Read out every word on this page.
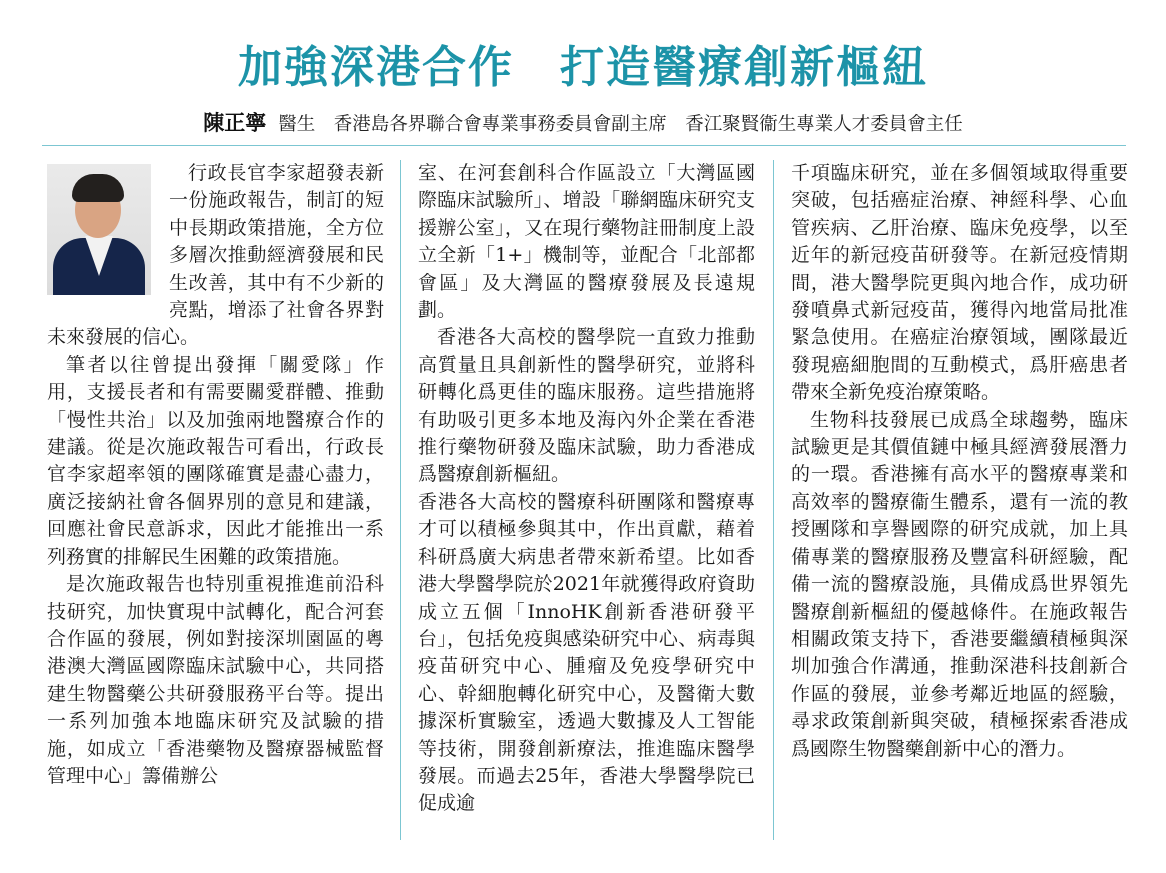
加強深港合作　打造醫療創新樞紐
陳正寧 醫生　香港島各界聯合會專業事務委員會副主席　香江聚賢衞生專業人才委員會主任

行政長官李家超發表新一份施政報告，制訂的短中長期政策措施，全方位多層次推動經濟發展和民生改善，其中有不少新的亮點，增添了社會各界對未來發展的信心。

筆者以往曾提出發揮「關愛隊」作用，支援長者和有需要關愛群體、推動「慢性共治」以及加強兩地醫療合作的建議。從是次施政報告可看出，行政長官李家超率領的團隊確實是盡心盡力，廣泛接納社會各個界別的意見和建議，回應社會民意訴求，因此才能推出一系列務實的排解民生困難的政策措施。

是次施政報告也特別重視推進前沿科技研究，加快實現中試轉化，配合河套合作區的發展，例如對接深圳園區的粵港澳大灣區國際臨床試驗中心，共同搭建生物醫藥公共研發服務平台等。提出一系列加強本地臨床研究及試驗的措施，如成立「香港藥物及醫療器械監督管理中心」籌備辦公

室、在河套創科合作區設立「大灣區國際臨床試驗所」、增設「聯網臨床研究支援辦公室」，又在現行藥物註冊制度上設立全新「1+」機制等，並配合「北部都會區」及大灣區的醫療發展及長遠規劃。

香港各大高校的醫學院一直致力推動高質量且具創新性的醫學研究，並將科研轉化爲更佳的臨床服務。這些措施將有助吸引更多本地及海內外企業在香港推行藥物研發及臨床試驗，助力香港成爲醫療創新樞紐。

香港各大高校的醫療科研團隊和醫療專才可以積極參與其中，作出貢獻，藉着科研爲廣大病患者帶來新希望。比如香港大學醫學院於2021年就獲得政府資助成立五個「InnoHK創新香港研發平台」，包括免疫與感染研究中心、病毒與疫苗研究中心、腫瘤及免疫學研究中心、幹細胞轉化研究中心，及醫衛大數據深析實驗室，透過大數據及人工智能等技術，開發創新療法，推進臨床醫學發展。而過去25年，香港大學醫學院已促成逾

千項臨床研究，並在多個領域取得重要突破，包括癌症治療、神經科學、心血管疾病、乙肝治療、臨床免疫學，以至近年的新冠疫苗研發等。在新冠疫情期間，港大醫學院更與內地合作，成功研發噴鼻式新冠疫苗，獲得內地當局批准緊急使用。在癌症治療領域，團隊最近發現癌細胞間的互動模式，爲肝癌患者帶來全新免疫治療策略。

生物科技發展已成爲全球趨勢，臨床試驗更是其價值鏈中極具經濟發展潛力的一環。香港擁有高水平的醫療專業和高效率的醫療衞生體系，還有一流的教授團隊和享譽國際的研究成就，加上具備專業的醫療服務及豐富科研經驗，配備一流的醫療設施，具備成爲世界領先醫療創新樞紐的優越條件。在施政報告相關政策支持下，香港要繼續積極與深圳加強合作溝通，推動深港科技創新合作區的發展，並參考鄰近地區的經驗，尋求政策創新與突破，積極探索香港成爲國際生物醫藥創新中心的潛力。
